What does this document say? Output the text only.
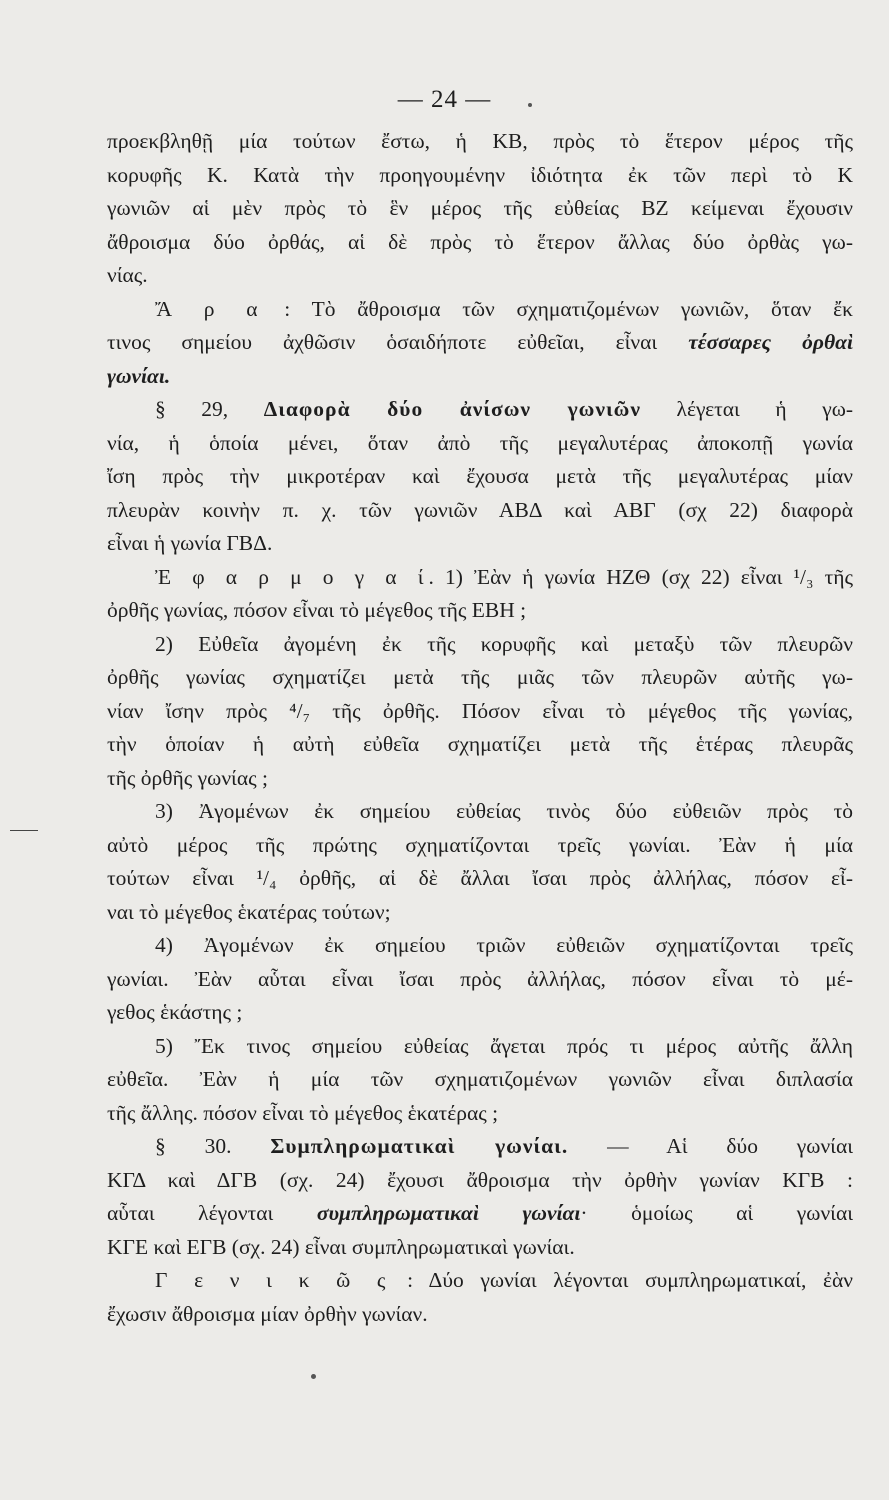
— 24 —
προεκβληθῇ μία τούτων ἔστω, ἡ ΚΒ, πρὸς τὸ ἕτερον μέρος τῆς
κορυφῆς Κ. Κατὰ τὴν προηγουμένην ἰδιότητα ἐκ τῶν περὶ τὸ Κ
γωνιῶν αἱ μὲν πρὸς τὸ ἓν μέρος τῆς εὐθείας ΒΖ κείμεναι ἔχουσιν
ἄθροισμα δύο ὀρθάς, αἱ δὲ πρὸς τὸ ἕτερον ἄλλας δύο ὀρθὰς γω-
νίας.
Ἄ ρ α : Τὸ ἄθροισμα τῶν σχηματιζομένων γωνιῶν, ὅταν ἔκ
τινος σημείου ἀχθῶσιν ὁσαιδήποτε εὐθεῖαι, εἶναι τέσσαρες ὀρθαὶ
γωνίαι.
§ 29, Διαφορὰ δύο ἀνίσων γωνιῶν λέγεται ἡ γω-
νία, ἡ ὁποία μένει, ὅταν ἀπὸ τῆς μεγαλυτέρας ἀποκοπῇ γωνία
ἴση πρὸς τὴν μικροτέραν καὶ ἔχουσα μετὰ τῆς μεγαλυτέρας μίαν
πλευρὰν κοινὴν π. χ. τῶν γωνιῶν ΑΒΔ καὶ ΑΒΓ (σχ 22) διαφορὰ
εἶναι ἡ γωνία ΓΒΔ.
Ἐ φ α ρ μ ο γ α ί. 1) Ἐὰν ἡ γωνία ΗΖΘ (σχ 22) εἶναι ¹/₃ τῆς
ὀρθῆς γωνίας, πόσον εἶναι τὸ μέγεθος τῆς ΕΒΗ ;
2) Εὐθεῖα ἀγομένη ἐκ τῆς κορυφῆς καὶ μεταξὺ τῶν πλευρῶν
ὀρθῆς γωνίας σχηματίζει μετὰ τῆς μιᾶς τῶν πλευρῶν αὐτῆς γω-
νίαν ἴσην πρὸς ⁴/₇ τῆς ὀρθῆς. Πόσον εἶναι τὸ μέγεθος τῆς γωνίας,
τὴν ὁποίαν ἡ αὐτὴ εὐθεῖα σχηματίζει μετὰ τῆς ἑτέρας πλευρᾶς
τῆς ὀρθῆς γωνίας ;
3) Ἀγομένων ἐκ σημείου εὐθείας τινὸς δύο εὐθειῶν πρὸς τὸ
αὐτὸ μέρος τῆς πρώτης σχηματίζονται τρεῖς γωνίαι. Ἐὰν ἡ μία
τούτων εἶναι ¹/₄ ὀρθῆς, αἱ δὲ ἄλλαι ἴσαι πρὸς ἀλλήλας, πόσον εἶ-
ναι τὸ μέγεθος ἑκατέρας τούτων;
4) Ἀγομένων ἐκ σημείου τριῶν εὐθειῶν σχηματίζονται τρεῖς
γωνίαι. Ἐὰν αὗται εἶναι ἴσαι πρὸς ἀλλήλας, πόσον εἶναι τὸ μέ-
γεθος ἑκάστης ;
5) Ἔκ τινος σημείου εὐθείας ἄγεται πρός τι μέρος αὐτῆς ἄλλη
εὐθεῖα. Ἐὰν ἡ μία τῶν σχηματιζομένων γωνιῶν εἶναι διπλασία
τῆς ἄλλης. πόσον εἶναι τὸ μέγεθος ἑκατέρας ;
§ 30. Συμπληρωματικαὶ γωνίαι. — Αἱ δύο γωνίαι
ΚΓΔ καὶ ΔΓΒ (σχ. 24) ἔχουσι ἄθροισμα τὴν ὀρθὴν γωνίαν ΚΓΒ :
αὗται λέγονται συμπληρωματικαὶ γωνίαι· ὁμοίως αἱ γωνίαι
ΚΓΕ καὶ ΕΓΒ (σχ. 24) εἶναι συμπληρωματικαὶ γωνίαι.
Γ ε ν ι κ ῶ ς : Δύο γωνίαι λέγονται συμπληρωματικαί, ἐὰν
ἔχωσιν ἄθροισμα μίαν ὀρθὴν γωνίαν.
